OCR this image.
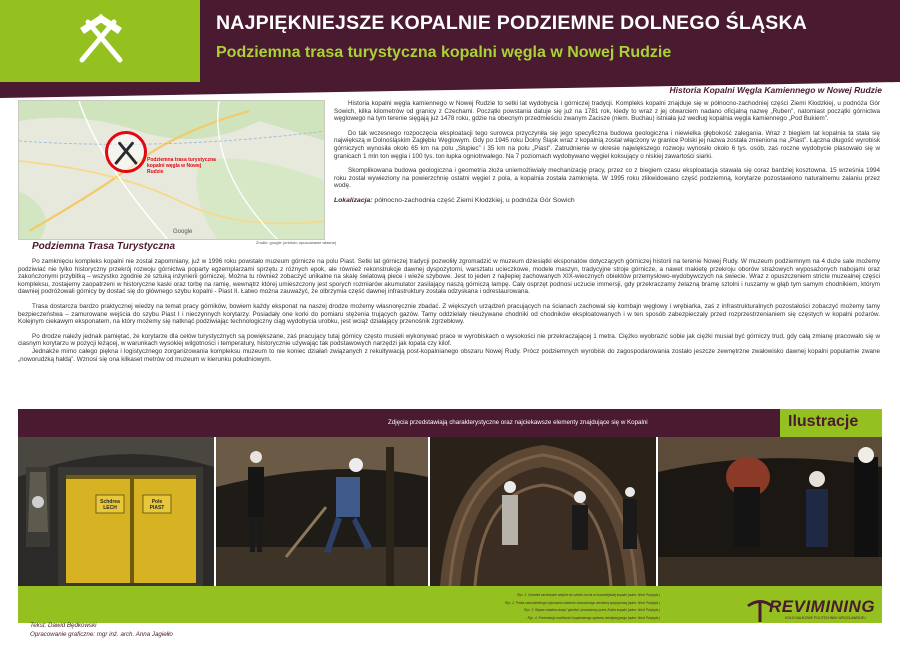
NAJPIĘKNIEJSZE KOPALNIE PODZIEMNE DOLNEGO ŚLĄSKA
Podziemna trasa turystyczna kopalni węgla w Nowej Rudzie
Historia Kopalni Węgla Kamiennego w Nowej Rudzie
Podziemna trasa turystyczna kopalni węgla w Nowej Rudzie
Google
Źródło: google (ortofoto opracowanie własne)
Podziemna Trasa Turystyczna

Historia kopalni węgla kamiennego w Nowej Rudzie to setki lat wydobycia i górniczej tradycji. Kompleks kopalni znajduje się w północno-zachodniej części Ziemi Kłodzkiej, u podnóża Gór Sowich, kilka kilometrów od granicy z Czechami. Początki powstania datuje się już na 1781 rok, kiedy to wraz z jej otwarciem nadano oficjalną nazwę „Ruben”, natomiast początki górnictwa węglowego na tym terenie sięgają już 1478 roku, gdzie na obecnym przedmieściu zwanym Zacisze (niem. Buchau) istniała już według kopalnia węgla kamiennego „Pod Bukiem”.

Do tak wczesnego rozpoczęcia eksploatacji tego surowca przyczyniła się jego specyficzna budowa geologiczna i niewielka głębokość zalegania. Wraz z biegiem lat kopalnia ta stała się największą w Dolnośląskim Zagłębiu Węglowym. Gdy po 1945 roku Dolny Śląsk wraz z kopalnią został włączony w granice Polski jej nazwa została zmieniona na „Piast”. Łączna długość wyrobisk górniczych wynosiła około 65 km na polu „Słupiec” i 35 km na polu „Piast”. Zatrudnienie w okresie największego rozwoju wynosiło około 6 tys. osób, zaś roczne wydobycie plasowało się w granicach 1 mln ton węgla i 100 tys. ton łupka ogniotrwałego. Na 7 poziomach wydobywano węgiel koksujący o niskiej zawartości siarki.

Skomplikowana budowa geologiczna i geometria złoża uniemożliwiały mechanizację pracy, przez co z biegiem czasu eksploatacja stawała się coraz bardziej kosztowna. 15 września 1994 roku został wywieziony na powierzchnię ostatni węgiel z pola, a kopalnia została zamknięta. W 1995 roku zlikwidowano część podziemną, korytarze pozostawiono naturalnemu zalaniu przez wodę.

Lokalizacja: północno-zachodnia część Ziemi Kłodzkiej, u podnóża Gór Sowich

Po zamknięciu kompleks kopalni nie został zapomniany, już w 1996 roku powstało muzeum górnicze na polu Piast. Setki lat górniczej tradycji pozwoliły zgromadzić w muzeum dziesiątki eksponatów dotyczących górniczej historii na terenie Nowej Rudy. W muzeum podziemnym na 4 duże sale możemy podziwiać nie tylko historyczny przekrój rozwoju górnictwa poparty egzemplarzami sprzętu z różnych epok, ale również rekonstrukcje dawnej dyspozytorni, warsztatu ucieczkowe, modele maszyn, tradycyjne stroje górnicze, a nawet makietę przekroju oborów strażowych wyposażonych nabojami oraz zakończonymi przybitką – wszystko zgodnie ze sztuką inżynierii górniczej. Można tu również zobaczyć unikalne na skalę światową piece i wieże szybowe. Jest to jeden z najlepiej zachowanych XIX-wiecznych obiektów przemysłowo-wydobywczych na świecie. Wraz z opuszczeniem stricte muzealnej części kompleksu, zostajemy zaopatrzeni w historyczne kaski oraz torbę na ramię, wewnątrz której umieszczony jest sporych rozmiarów akumulator zasilający naszą górniczą lampę. Cały osprzęt podnosi uczucie immersji, gdy przekraczamy żelazną bramę sztolni i ruszamy w głąb tym samym chodnikiem, którym dawniej podróżowali górnicy by dostać się do głównego szybu kopalni - Piast II. Łatwo można zauważyć, że olbrzymia część dawnej infrastruktury została odzyskana i odrestaurowana.

Trasa dostarcza bardzo praktycznej wiedzy na temat pracy górników, bowiem każdy eksponat na naszej drodze możemy własnoręcznie zbadać. Z większych urządzeń pracujących na ścianach zachował się kombajn węglowy i wrębiarka, zaś z infrastrukturalnych pozostałości zobaczyć możemy tamy bezpieczeństwa – zamurowane wejścia do szybu Piast I i nieczynnych korytarzy. Posiadały one korki do pomiaru stężenia trujących gazów. Tamy oddzielały nieużywane chodniki od chodników eksploatowanych i w ten sposób zabezpieczały przed rozprzestrzenianiem się częstych w kopalni pożarów. Kolejnym ciekawym eksponatem, na który możemy się natknąć podziwiając technologiczny ciąg wydobycia urobku, jest wciąż działający przenośnik zgrzebłowy.

Po drodze należy jednak pamiętać, że korytarze dla celów turystycznych są powiększane, zaś pracujący tutaj górnicy często musieli wykonywać prace w wyrobiskach o wysokości nie przekraczającej 1 metra. Ciężko wyobrazić sobie jak ciężki musiał być górniczy trud, gdy całą zmianę pracowało się w ciasnym korytarzu w pozycji leżącej, w warunkach wysokiej wilgotności i temperatury, historycznie używając tak podstawowych narzędzi jak łopata czy kilof.

Jednakże mimo całego piękna i logistycznego zorganizowania kompleksu muzeum to nie koniec działań związanych z rekultywacją post-kopalnianego obszaru Nowej Rudy. Prócz podziemnych wyrobisk do zagospodarowania zostało jeszcze zewnętrzne zwałowisko dawnej kopalni popularnie zwane „noworudzką hałdą”. Wznosi się ona kilkaset metrów od muzeum w kierunku południowym.

Zdjęcia przedstawiają charakterystyczne oraz najciekawsze elementy znajdujące się w Kopalni	Ilustracje
Schdrea LECH
Pole PIAST
Ryc. 1. Ośrodek zachowane wejście do sztolni Lecha w nowowiejskiej kopalni (autor: Nicol Przybyła )
Ryc. 2. Próba samodzielnego wykonania odwiertu stosowanego wiertarką sprężynową (autor: Nicol Przybyła )
Ryc. 3. Rękaw ostatnia stacja "górnika" prowadzony przez Zośka kopalni (autor: Nicol Przybyła )
Ryc. 4. Prezentacja możliwości kopalnianego systemu wentylacyjnego (autor: Nicol Przybyła )
REVIMINING
KOŁO NAUKOWE POLITECHNIKI WROCŁAWSKIEJ
Tekst: Dawid Będkowski
Opracowanie graficzne: mgr inż. arch. Anna Jagiełło
